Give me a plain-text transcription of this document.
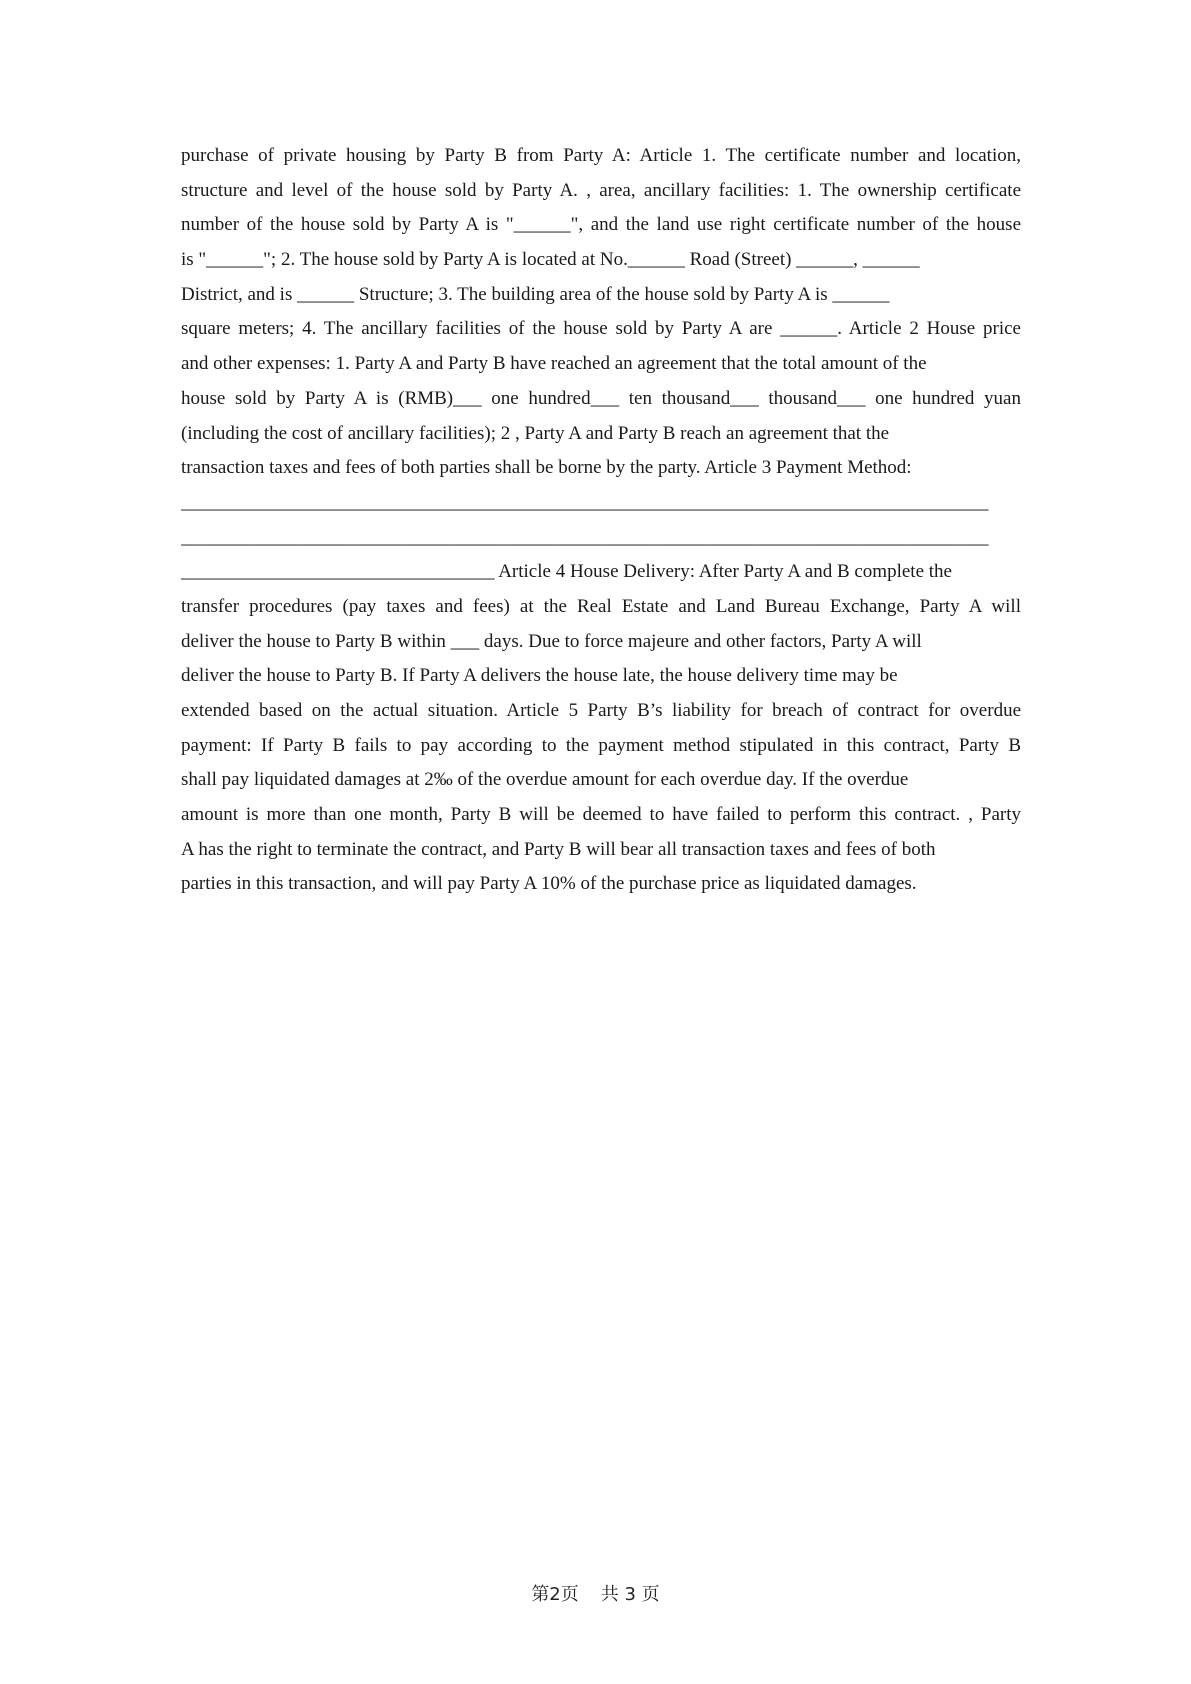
purchase of private housing by Party B from Party A: Article 1. The certificate number and location,
structure and level of the house sold by Party A. , area, ancillary facilities: 1. The ownership certificate
number of the house sold by Party A is "______", and the land use right certificate number of the house
is "______"; 2. The house sold by Party A is located at No.______ Road (Street) ______, ______
District, and is ______ Structure; 3. The building area of the house sold by Party A is ______
square meters; 4. The ancillary facilities of the house sold by Party A are ______. Article 2 House price
and other expenses: 1. Party A and Party B have reached an agreement that the total amount of the
house sold by Party A is (RMB)___ one hundred___ ten thousand___ thousand___ one hundred yuan
(including the cost of ancillary facilities); 2 , Party A and Party B reach an agreement that the
transaction taxes and fees of both parties shall be borne by the party. Article 3 Payment Method:
_____________________________________________________________________________________
_____________________________________________________________________________________
_________________________________ Article 4 House Delivery: After Party A and B complete the
transfer procedures (pay taxes and fees) at the Real Estate and Land Bureau Exchange, Party A will
deliver the house to Party B within ___ days. Due to force majeure and other factors, Party A will
deliver the house to Party B. If Party A delivers the house late, the house delivery time may be
extended based on the actual situation. Article 5 Party B’s liability for breach of contract for overdue
payment: If Party B fails to pay according to the payment method stipulated in this contract, Party B
shall pay liquidated damages at 2‰ of the overdue amount for each overdue day. If the overdue
amount is more than one month, Party B will be deemed to have failed to perform this contract. , Party
A has the right to terminate the contract, and Party B will bear all transaction taxes and fees of both
parties in this transaction, and will pay Party A 10% of the purchase price as liquidated damages.
第2页 共 3 页
